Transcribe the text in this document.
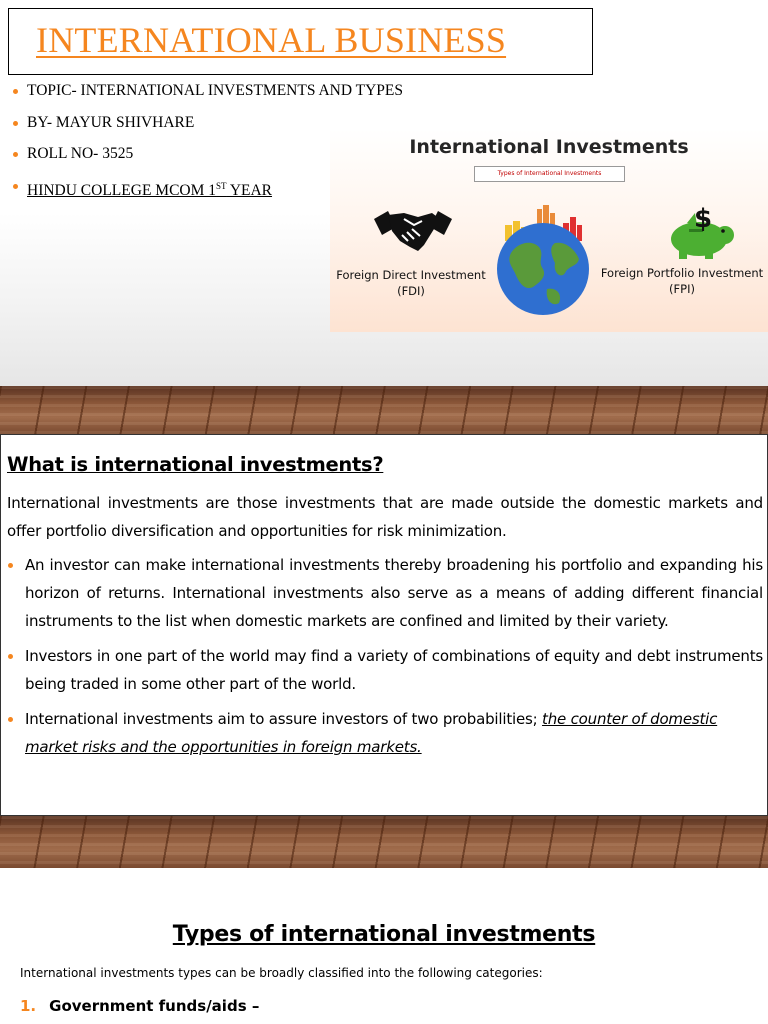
INTERNATIONAL BUSINESS
TOPIC- INTERNATIONAL INVESTMENTS AND TYPES
BY- MAYUR SHIVHARE
ROLL NO- 3525
HINDU COLLEGE MCOM 1ST YEAR
International Investments
Types of International Investments
$
Foreign Direct Investment
(FDI)
Foreign Portfolio Investment
(FPI)
What is international investments?
International investments are those investments that are made outside the domestic markets and offer portfolio diversification and opportunities for risk minimization.
An investor can make international investments thereby broadening his portfolio and expanding his horizon of returns. International investments also serve as a means of adding different financial instruments to the list when domestic markets are confined and limited by their variety.
Investors in one part of the world may find a variety of combinations of equity and debt instruments being traded in some other part of the world.
International investments aim to assure investors of two probabilities; the counter of domestic market risks and the opportunities in foreign markets.
Types of international investments
International investments types can be broadly classified into the following categories:
1. Government funds/aids –
